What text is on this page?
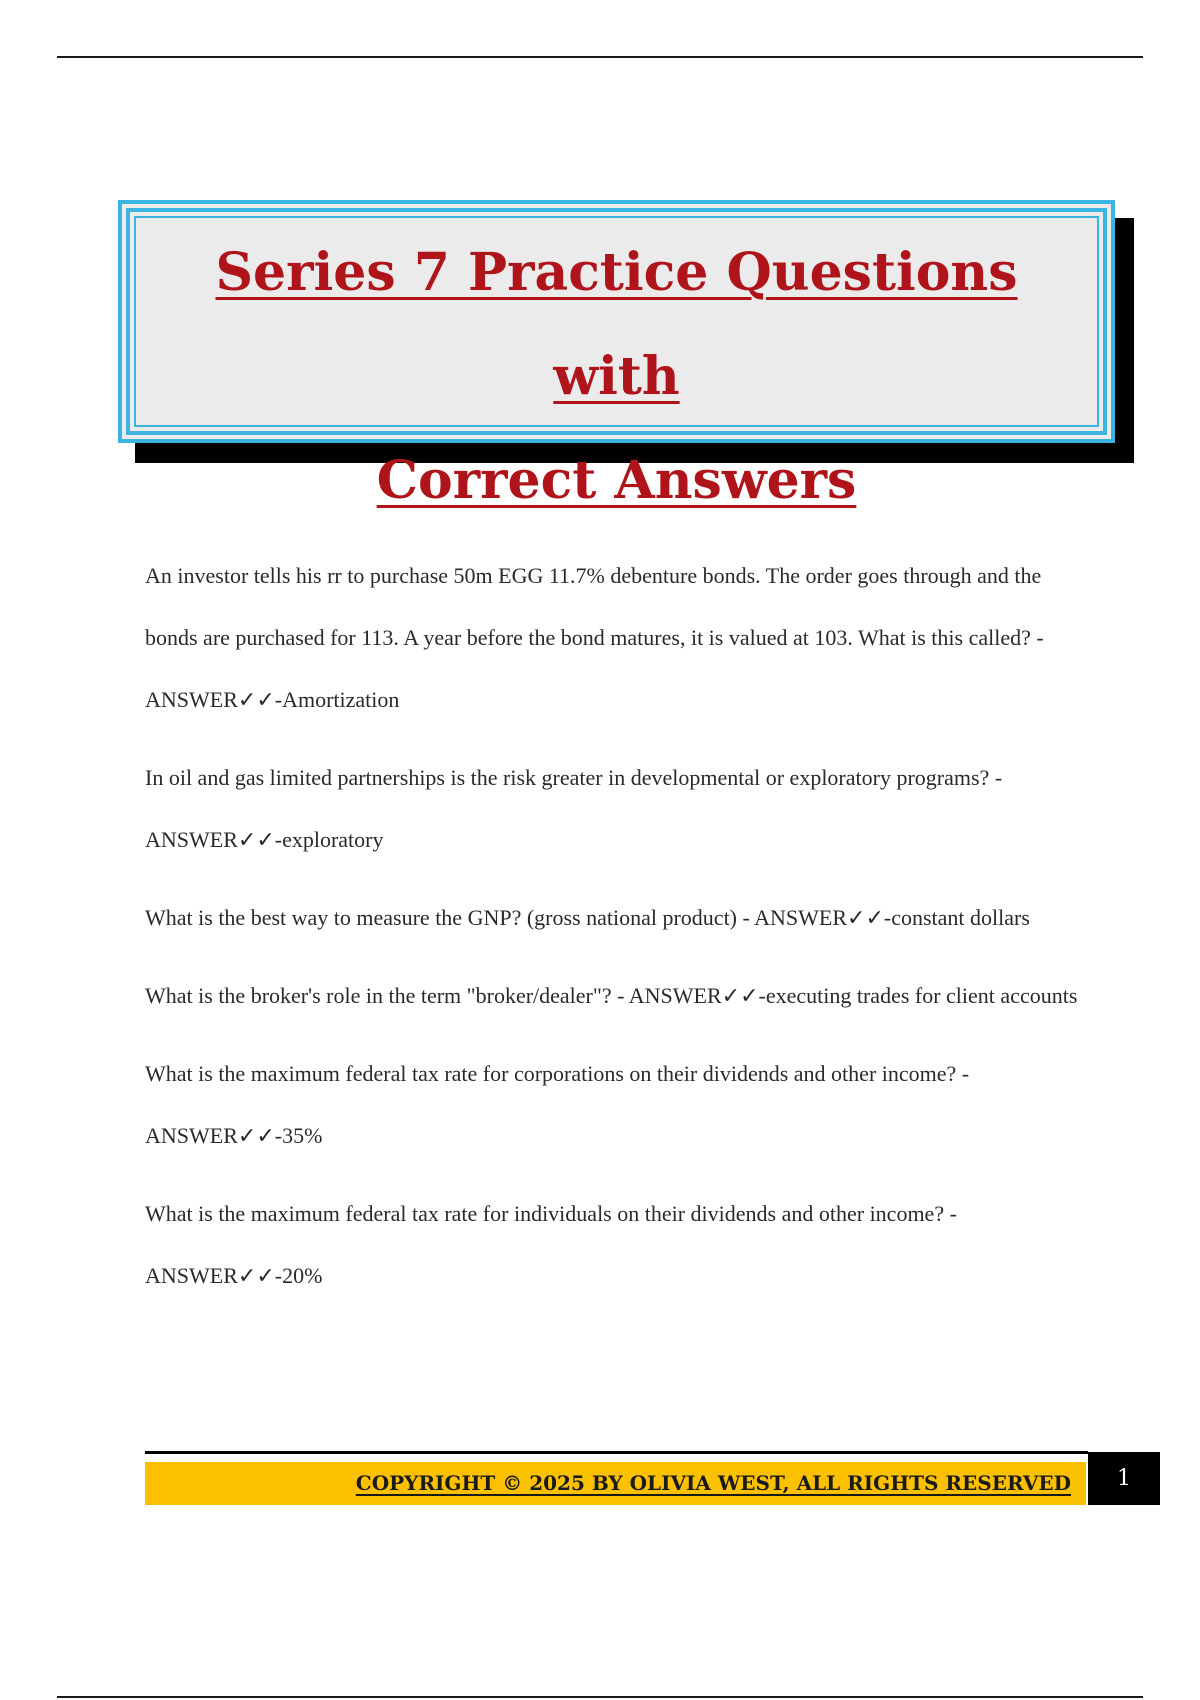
Series 7 Practice Questions with
Correct Answers

An investor tells his rr to purchase 50m EGG 11.7% debenture bonds. The order goes through and the bonds are purchased for 113. A year before the bond matures, it is valued at 103. What is this called? - ANSWER✓✓-Amortization

In oil and gas limited partnerships is the risk greater in developmental or exploratory programs? - ANSWER✓✓-exploratory

What is the best way to measure the GNP? (gross national product) - ANSWER✓✓-constant dollars

What is the broker's role in the term "broker/dealer"? - ANSWER✓✓-executing trades for client accounts

What is the maximum federal tax rate for corporations on their dividends and other income? - ANSWER✓✓-35%

What is the maximum federal tax rate for individuals on their dividends and other income? - ANSWER✓✓-20%

COPYRIGHT © 2025 BY OLIVIA WEST, ALL RIGHTS RESERVED	1
